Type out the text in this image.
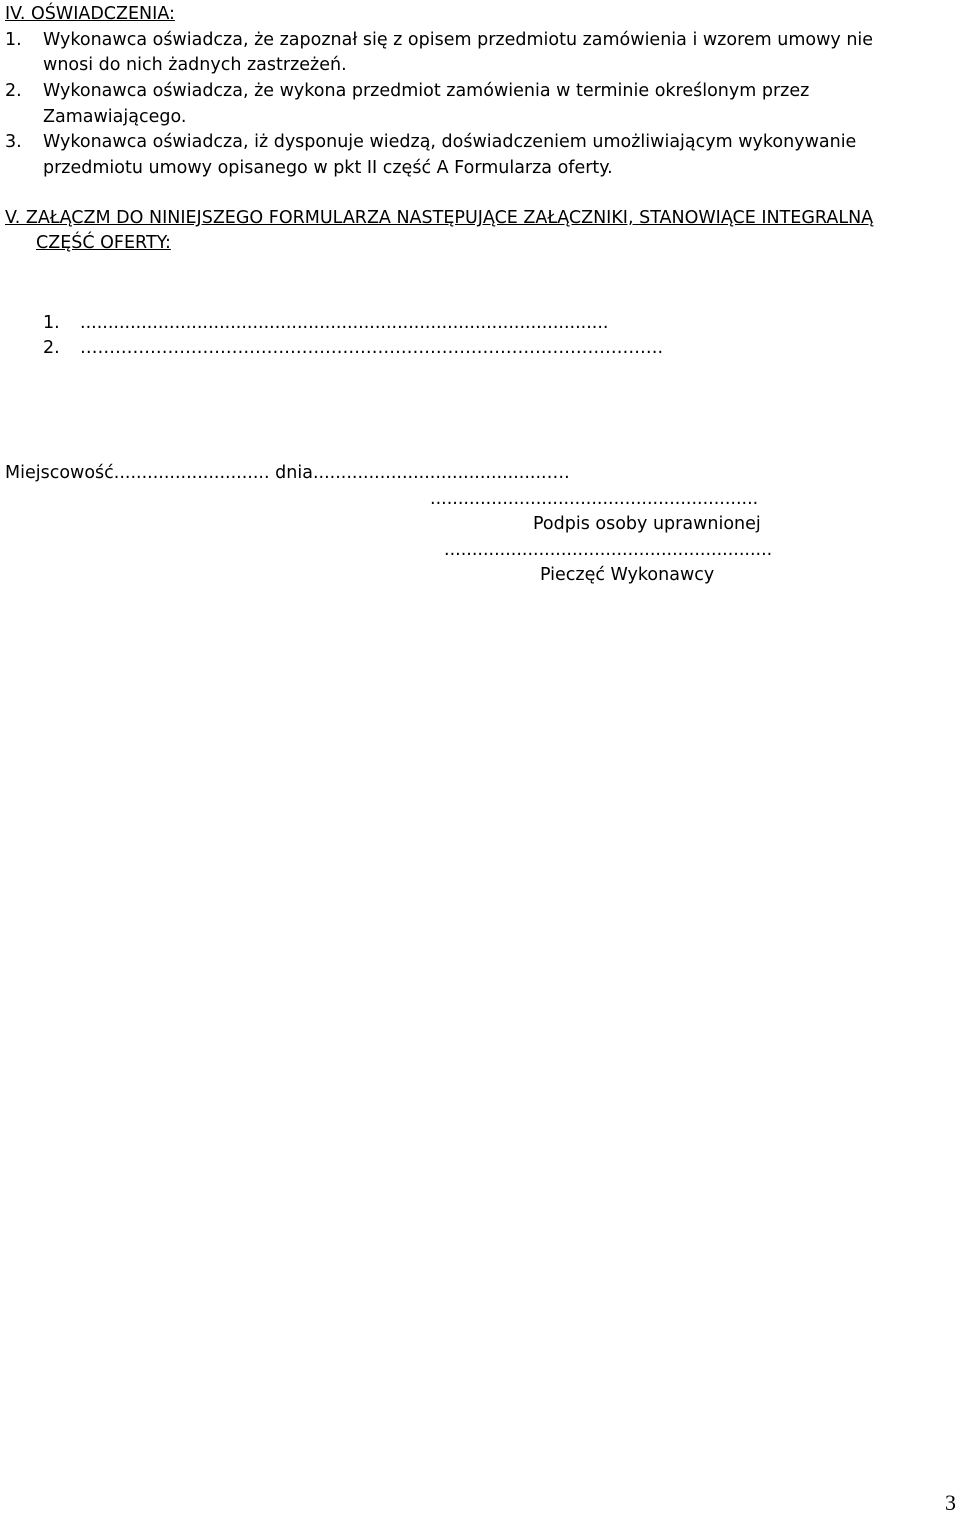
IV. OŚWIADCZENIA:
1. Wykonawca oświadcza, że zapoznał się z opisem przedmiotu zamówienia i wzorem umowy nie
wnosi do nich żadnych zastrzeżeń.
2. Wykonawca oświadcza, że wykona przedmiot zamówienia w terminie określonym przez
Zamawiającego.
3. Wykonawca oświadcza, iż dysponuje wiedzą, doświadczeniem umożliwiającym wykonywanie
przedmiotu umowy opisanego w pkt II część A Formularza oferty.
V. ZAŁĄCZM DO NINIEJSZEGO FORMULARZA NASTĘPUJĄCE ZAŁĄCZNIKI, STANOWIĄCE INTEGRALNĄ
CZĘŚĆ OFERTY:
1. ...............................................................................................
2. ……………………………………………………………………………………….
Miejscowość............................ dnia..........................................….
...........................................................
Podpis osoby uprawnionej
...........................................................
Pieczęć Wykonawcy
3
